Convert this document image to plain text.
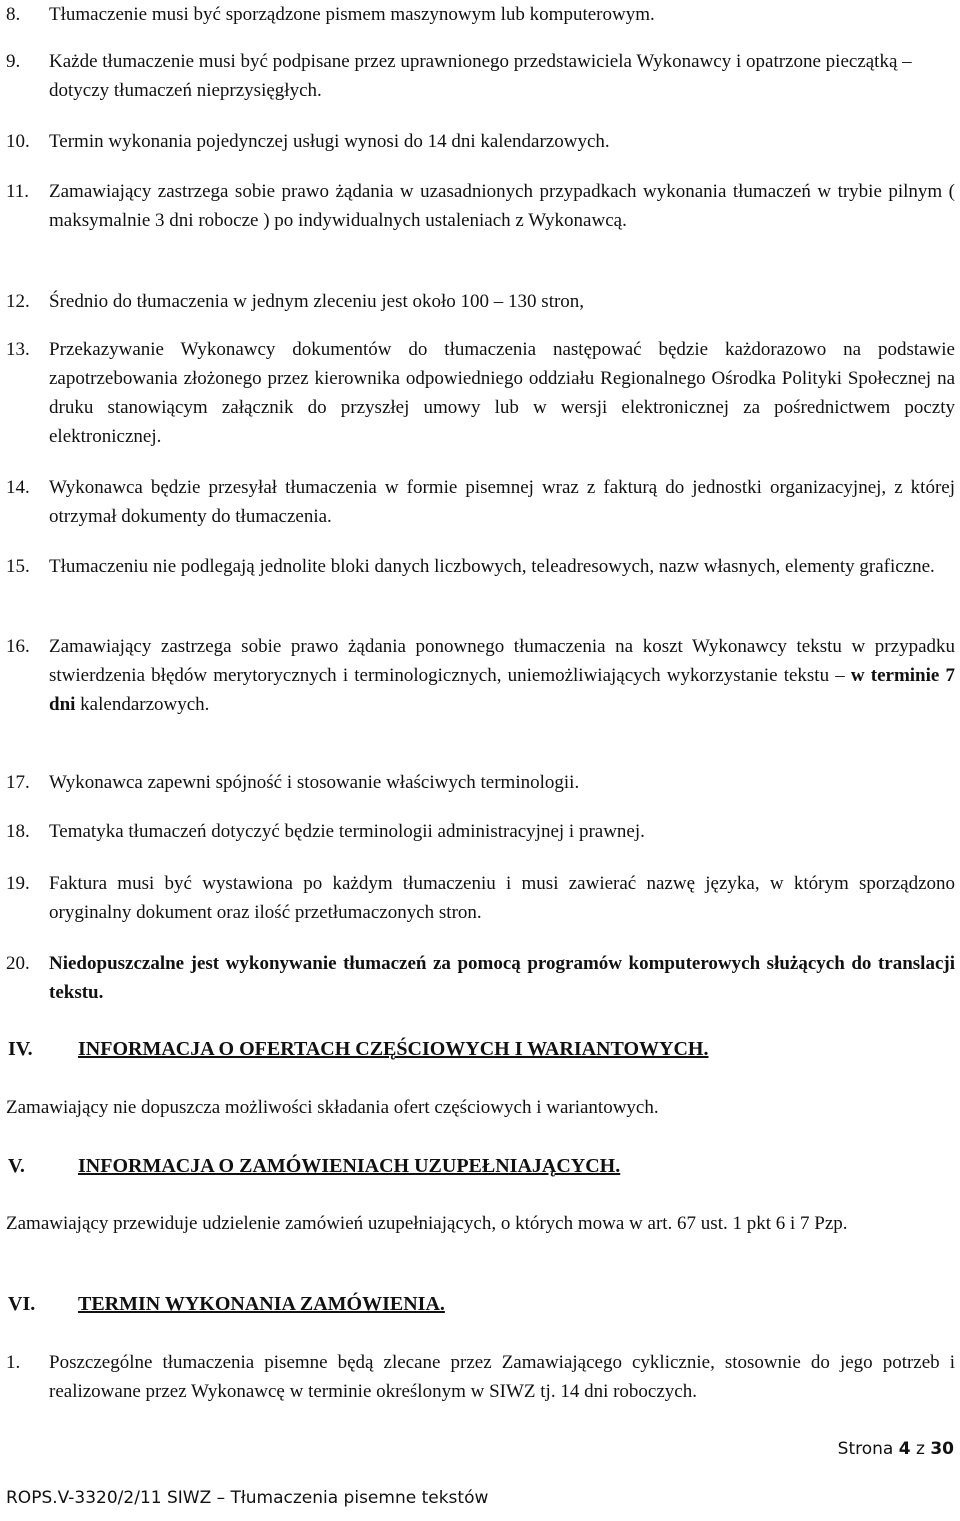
8.	Tłumaczenie musi być sporządzone pismem maszynowym lub komputerowym.
9.	Każde tłumaczenie musi być podpisane przez uprawnionego przedstawiciela Wykonawcy i opatrzone pieczątką – dotyczy tłumaczeń nieprzysięgłych.
10.	Termin wykonania pojedynczej usługi wynosi do 14 dni kalendarzowych.
11.	Zamawiający zastrzega sobie prawo żądania w uzasadnionych przypadkach wykonania tłumaczeń w trybie pilnym ( maksymalnie 3 dni robocze ) po indywidualnych ustaleniach z Wykonawcą.
12.	Średnio do tłumaczenia w jednym zleceniu jest około 100 – 130 stron,
13.	Przekazywanie Wykonawcy dokumentów do tłumaczenia następować będzie każdorazowo na podstawie zapotrzebowania złożonego przez kierownika odpowiedniego oddziału Regionalnego Ośrodka Polityki Społecznej na druku stanowiącym załącznik do przyszłej umowy lub w wersji elektronicznej za pośrednictwem poczty elektronicznej.
14.	Wykonawca będzie przesyłał tłumaczenia w formie pisemnej wraz z fakturą do jednostki organizacyjnej, z której otrzymał dokumenty do tłumaczenia.
15.	Tłumaczeniu nie podlegają jednolite bloki danych liczbowych, teleadresowych, nazw własnych, elementy graficzne.
16.	Zamawiający zastrzega sobie prawo żądania ponownego tłumaczenia na koszt Wykonawcy tekstu w przypadku stwierdzenia błędów merytorycznych i terminologicznych, uniemożliwiających wykorzystanie tekstu – w terminie 7 dni kalendarzowych.
17.	Wykonawca zapewni spójność i stosowanie właściwych terminologii.
18.	Tematyka tłumaczeń dotyczyć będzie terminologii administracyjnej i prawnej.
19.	Faktura musi być wystawiona po każdym tłumaczeniu i musi zawierać nazwę języka, w którym sporządzono oryginalny dokument oraz ilość przetłumaczonych stron.
20.	Niedopuszczalne jest wykonywanie tłumaczeń za pomocą programów komputerowych służących do translacji tekstu.
IV. INFORMACJA O OFERTACH CZĘŚCIOWYCH I WARIANTOWYCH.
Zamawiający nie dopuszcza możliwości składania ofert częściowych i wariantowych.
V.	INFORMACJA O ZAMÓWIENIACH UZUPEŁNIAJĄCYCH.
Zamawiający przewiduje udzielenie zamówień uzupełniających, o których mowa w art. 67 ust. 1 pkt 6 i 7 Pzp.
VI. TERMIN WYKONANIA ZAMÓWIENIA.
1.	Poszczególne tłumaczenia pisemne będą zlecane przez Zamawiającego cyklicznie, stosownie do jego potrzeb i realizowane przez Wykonawcę w terminie określonym w SIWZ tj. 14 dni roboczych.
Strona 4 z 30
ROPS.V-3320/2/11 SIWZ – Tłumaczenia pisemne tekstów
